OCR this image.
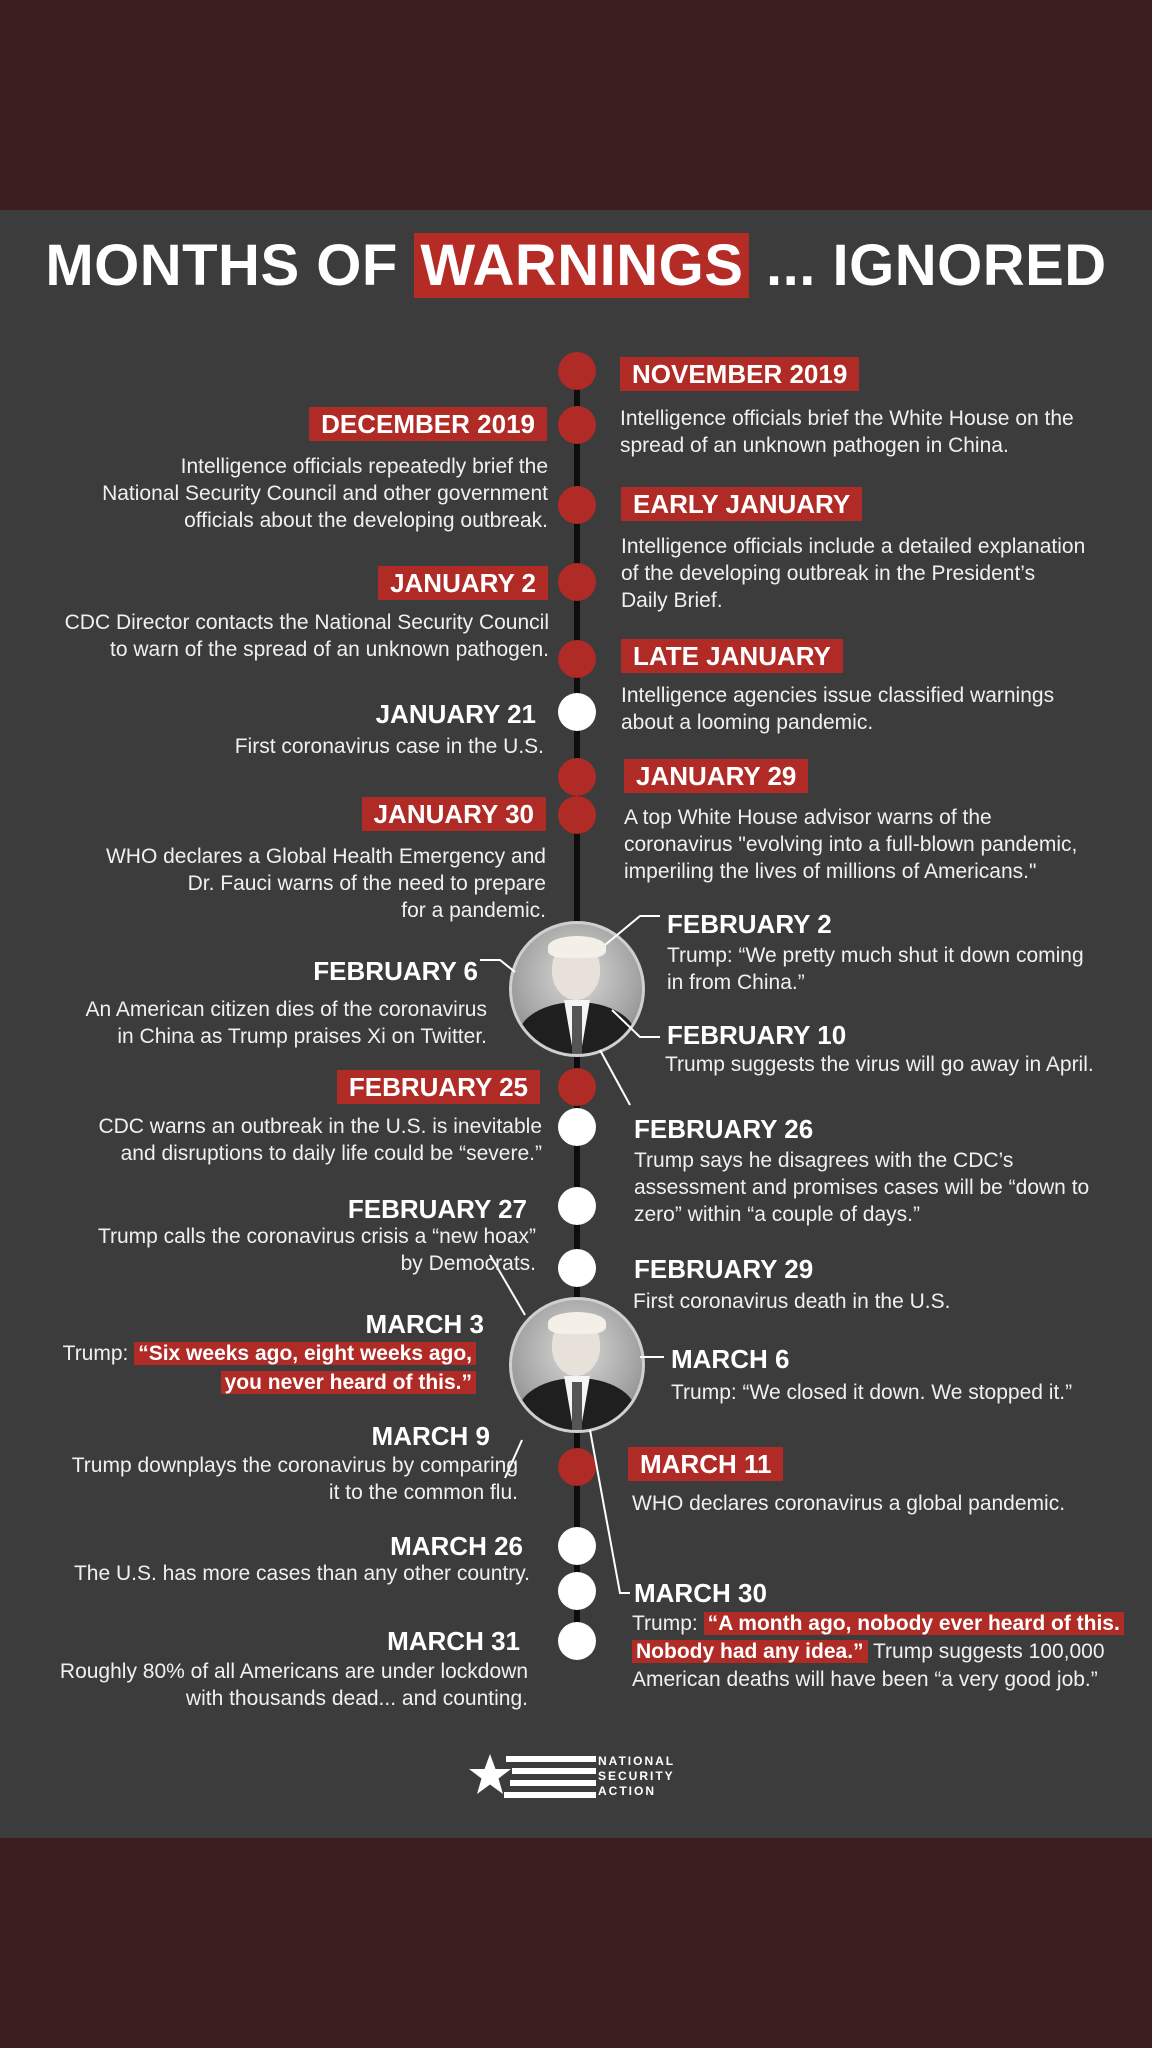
MONTHS OF WARNINGS ... IGNORED
DECEMBER 2019
Intelligence officials repeatedly brief the
National Security Council and other government
officials about the developing outbreak.
JANUARY 2
CDC Director contacts the National Security Council
to warn of the spread of an unknown pathogen.
JANUARY 21
First coronavirus case in the U.S.
JANUARY 30
WHO declares a Global Health Emergency and
Dr. Fauci warns of the need to prepare
for a pandemic.
FEBRUARY 6
An American citizen dies of the coronavirus
in China as Trump praises Xi on Twitter.
FEBRUARY 25
CDC warns an outbreak in the U.S. is inevitable
and disruptions to daily life could be “severe.”
FEBRUARY 27
Trump calls the coronavirus crisis a “new hoax”
by Democrats.
MARCH 3
Trump: “Six weeks ago, eight weeks ago,
you never heard of this.”
MARCH 9
Trump downplays the coronavirus by comparing
it to the common flu.
MARCH 26
The U.S. has more cases than any other country.
MARCH 31
Roughly 80% of all Americans are under lockdown
with thousands dead... and counting.
NOVEMBER 2019
Intelligence officials brief the White House on the
spread of an unknown pathogen in China.
EARLY JANUARY
Intelligence officials include a detailed explanation
of the developing outbreak in the President’s
Daily Brief.
LATE JANUARY
Intelligence agencies issue classified warnings
about a looming pandemic.
JANUARY 29
A top White House advisor warns of the
coronavirus "evolving into a full-blown pandemic,
imperiling the lives of millions of Americans."
FEBRUARY 2
Trump: “We pretty much shut it down coming
in from China.”
FEBRUARY 10
Trump suggests the virus will go away in April.
FEBRUARY 26
Trump says he disagrees with the CDC’s
assessment and promises cases will be “down to
zero” within “a couple of days.”
FEBRUARY 29
First coronavirus death in the U.S.
MARCH 6
Trump: “We closed it down. We stopped it.”
MARCH 11
WHO declares coronavirus a global pandemic.
MARCH 30
Trump: “A month ago, nobody ever heard of this.
Nobody had any idea.” Trump suggests 100,000
American deaths will have been “a very good job.”
NATIONAL
SECURITY
ACTION
